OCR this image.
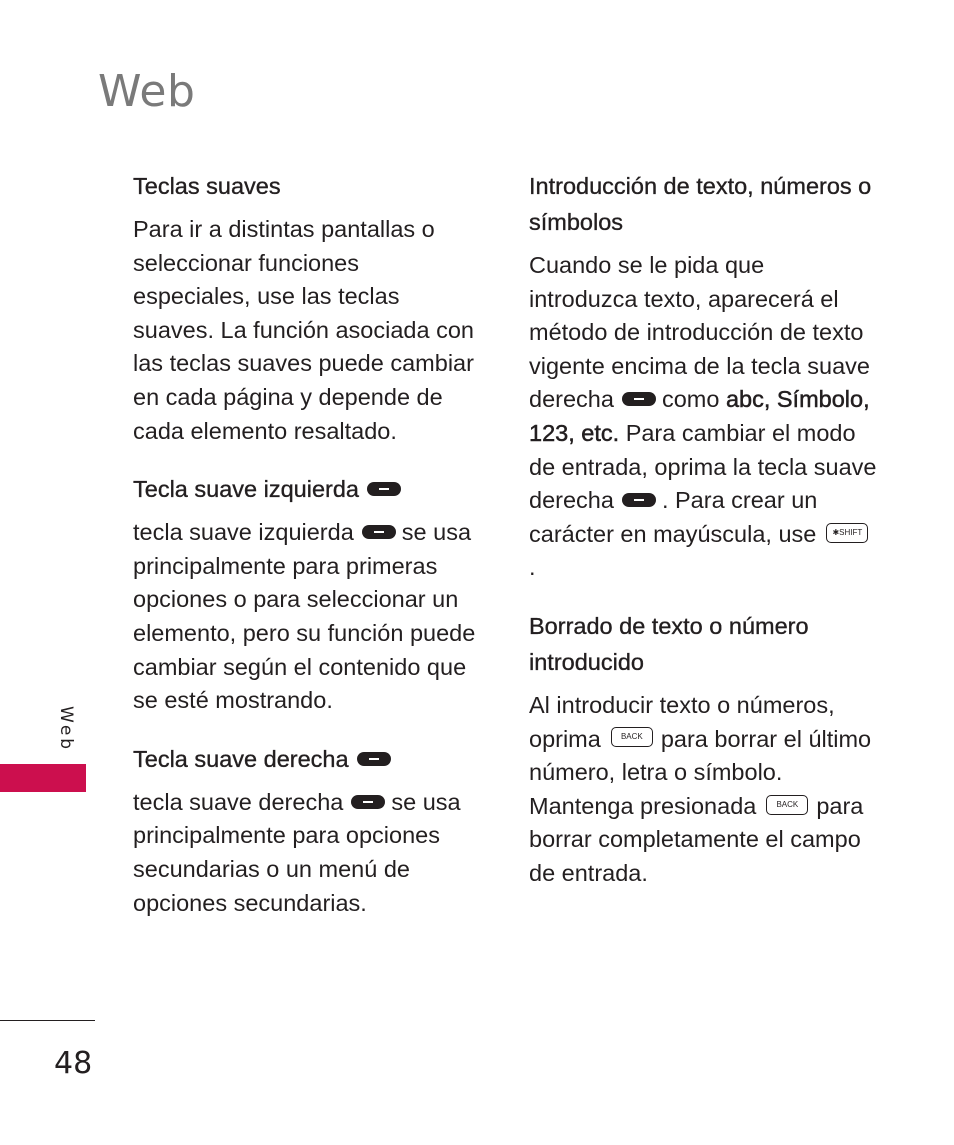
Web
Teclas suaves
Para ir a distintas pantallas o seleccionar funciones especiales, use las teclas suaves. La función asociada con las teclas suaves puede cambiar en cada página y depende de cada elemento resaltado.
Tecla suave izquierda
tecla suave izquierda se usa principalmente para primeras opciones o para seleccionar un elemento, pero su función puede cambiar según el contenido que se esté mostrando.
Tecla suave derecha
tecla suave derecha se usa principalmente para opciones secundarias o un menú de opciones secundarias.
Introducción de texto, números o símbolos
Cuando se le pida que introduzca texto, aparecerá el método de introducción de texto vigente encima de la tecla suave derecha como abc, Símbolo, 123, etc. Para cambiar el modo de entrada, oprima la tecla suave derecha . Para crear un carácter en mayúscula, use ✱SHIFT.
Borrado de texto o número introducido
Al introducir texto o números, oprima	BACK para borrar el último número, letra o símbolo. Mantenga presionada	BACK para borrar completamente el campo de entrada.
Web
48
